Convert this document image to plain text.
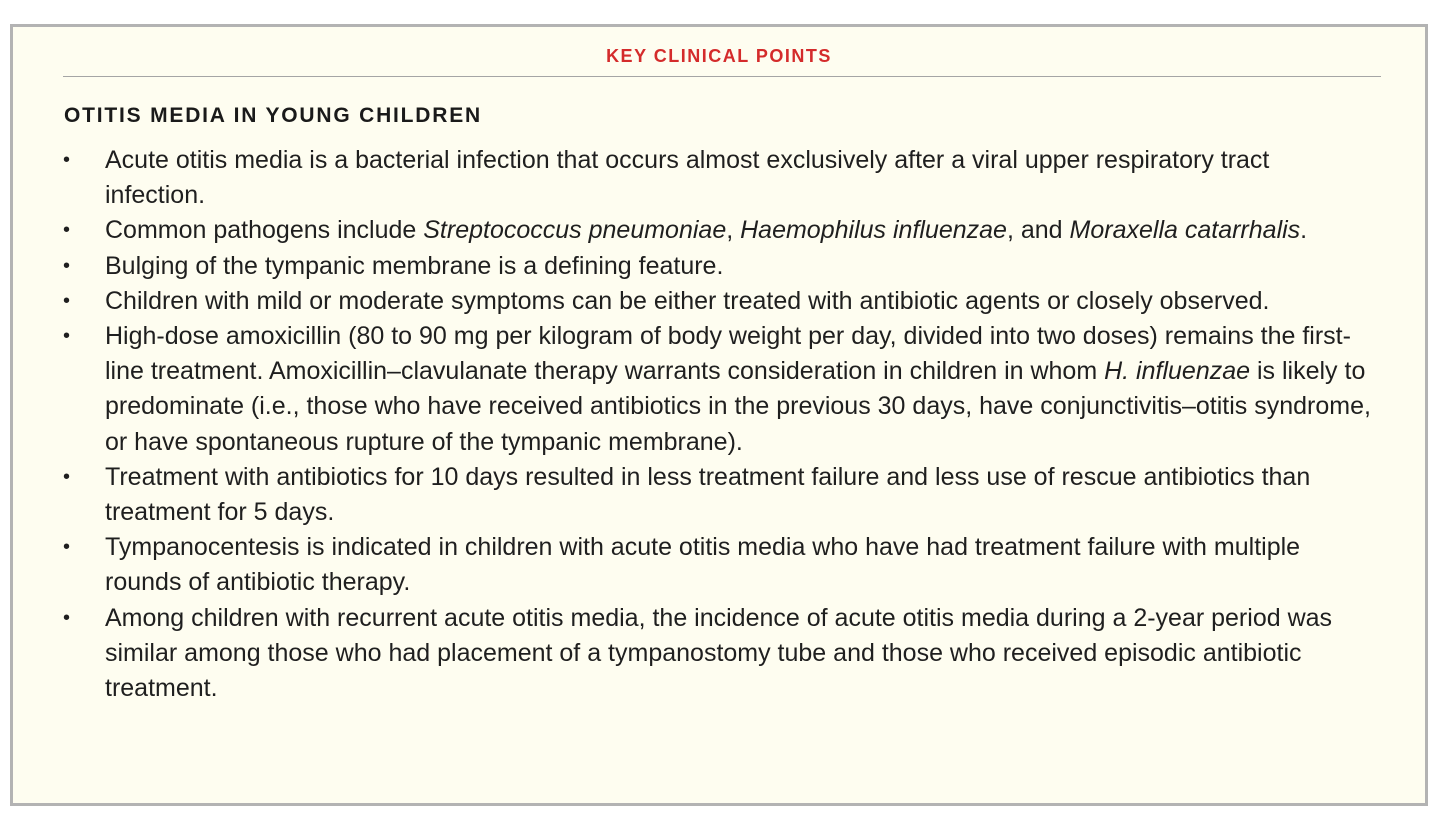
KEY CLINICAL POINTS
OTITIS MEDIA IN YOUNG CHILDREN
• Acute otitis media is a bacterial infection that occurs almost exclusively after a viral upper respiratory tract infection.
• Common pathogens include Streptococcus pneumoniae, Haemophilus influenzae, and Moraxella catarrhalis.
• Bulging of the tympanic membrane is a defining feature.
• Children with mild or moderate symptoms can be either treated with antibiotic agents or closely observed.
• High-dose amoxicillin (80 to 90 mg per kilogram of body weight per day, divided into two doses) remains the first-line treatment. Amoxicillin–clavulanate therapy warrants consideration in children in whom H. influenzae is likely to predominate (i.e., those who have received antibiotics in the previous 30 days, have conjunctivitis–otitis syndrome, or have spontaneous rupture of the tympanic membrane).
• Treatment with antibiotics for 10 days resulted in less treatment failure and less use of rescue antibiotics than treatment for 5 days.
• Tympanocentesis is indicated in children with acute otitis media who have had treatment failure with multiple rounds of antibiotic therapy.
• Among children with recurrent acute otitis media, the incidence of acute otitis media during a 2-year period was similar among those who had placement of a tympanostomy tube and those who received episodic antibiotic treatment.
